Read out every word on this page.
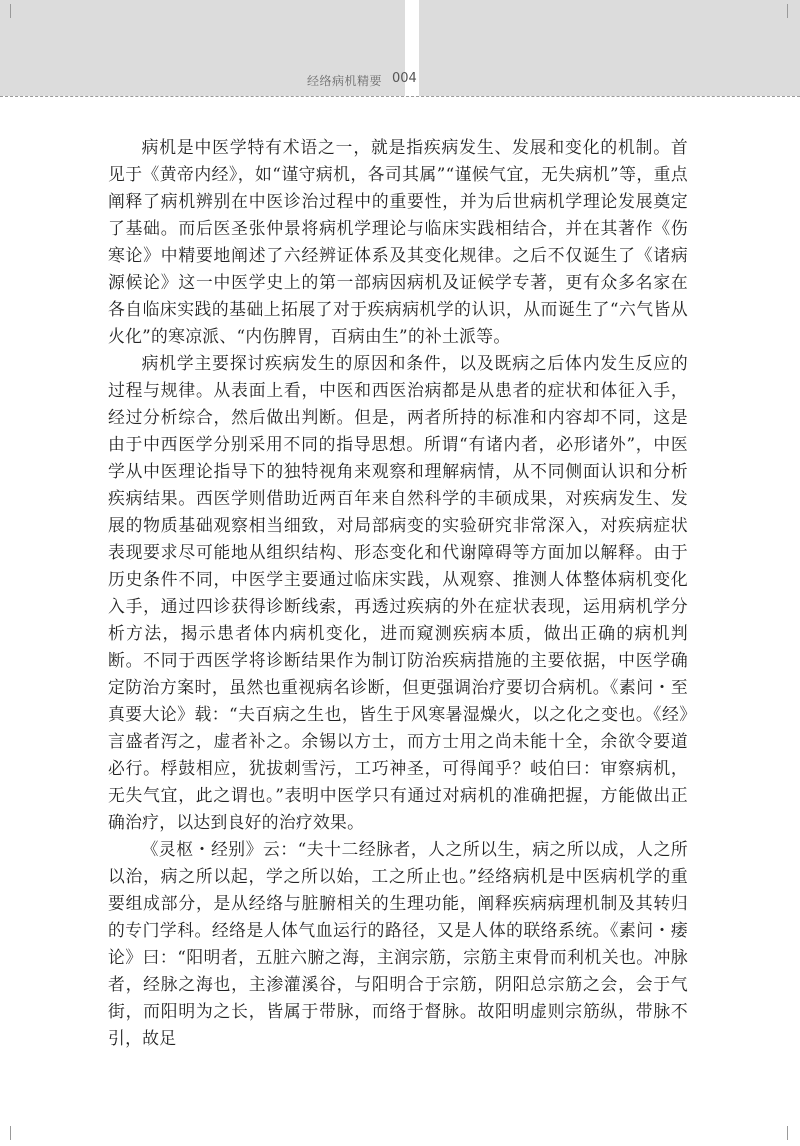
经络病机精要 004

病机是中医学特有术语之一，就是指疾病发生、发展和变化的机制。首见于《黄帝内经》，如“谨守病机，各司其属”“谨候气宜，无失病机”等，重点阐释了病机辨别在中医诊治过程中的重要性，并为后世病机学理论发展奠定了基础。而后医圣张仲景将病机学理论与临床实践相结合，并在其著作《伤寒论》中精要地阐述了六经辨证体系及其变化规律。之后不仅诞生了《诸病源候论》这一中医学史上的第一部病因病机及证候学专著，更有众多名家在各自临床实践的基础上拓展了对于疾病病机学的认识，从而诞生了“六气皆从火化”的寒凉派、“内伤脾胃，百病由生”的补土派等。

病机学主要探讨疾病发生的原因和条件，以及既病之后体内发生反应的过程与规律。从表面上看，中医和西医治病都是从患者的症状和体征入手，经过分析综合，然后做出判断。但是，两者所持的标准和内容却不同，这是由于中西医学分别采用不同的指导思想。所谓“有诸内者，必形诸外”，中医学从中医理论指导下的独特视角来观察和理解病情，从不同侧面认识和分析疾病结果。西医学则借助近两百年来自然科学的丰硕成果，对疾病发生、发展的物质基础观察相当细致，对局部病变的实验研究非常深入，对疾病症状表现要求尽可能地从组织结构、形态变化和代谢障碍等方面加以解释。由于历史条件不同，中医学主要通过临床实践，从观察、推测人体整体病机变化入手，通过四诊获得诊断线索，再透过疾病的外在症状表现，运用病机学分析方法，揭示患者体内病机变化，进而窥测疾病本质，做出正确的病机判断。不同于西医学将诊断结果作为制订防治疾病措施的主要依据，中医学确定防治方案时，虽然也重视病名诊断，但更强调治疗要切合病机。《素问・至真要大论》载：“夫百病之生也，皆生于风寒暑湿燥火，以之化之变也。《经》言盛者泻之，虚者补之。余锡以方士，而方士用之尚未能十全，余欲令要道必行。桴鼓相应，犹拔刺雪污，工巧神圣，可得闻乎？岐伯曰：审察病机，无失气宜，此之谓也。”表明中医学只有通过对病机的准确把握，方能做出正确治疗，以达到良好的治疗效果。

《灵枢・经别》云：“夫十二经脉者，人之所以生，病之所以成，人之所以治，病之所以起，学之所以始，工之所止也。”经络病机是中医病机学的重要组成部分，是从经络与脏腑相关的生理功能，阐释疾病病理机制及其转归的专门学科。经络是人体气血运行的路径，又是人体的联络系统。《素问・痿论》曰：“阳明者，五脏六腑之海，主润宗筋，宗筋主束骨而利机关也。冲脉者，经脉之海也，主渗灌溪谷，与阳明合于宗筋，阴阳总宗筋之会，会于气街，而阳明为之长，皆属于带脉，而络于督脉。故阳明虚则宗筋纵，带脉不引，故足
